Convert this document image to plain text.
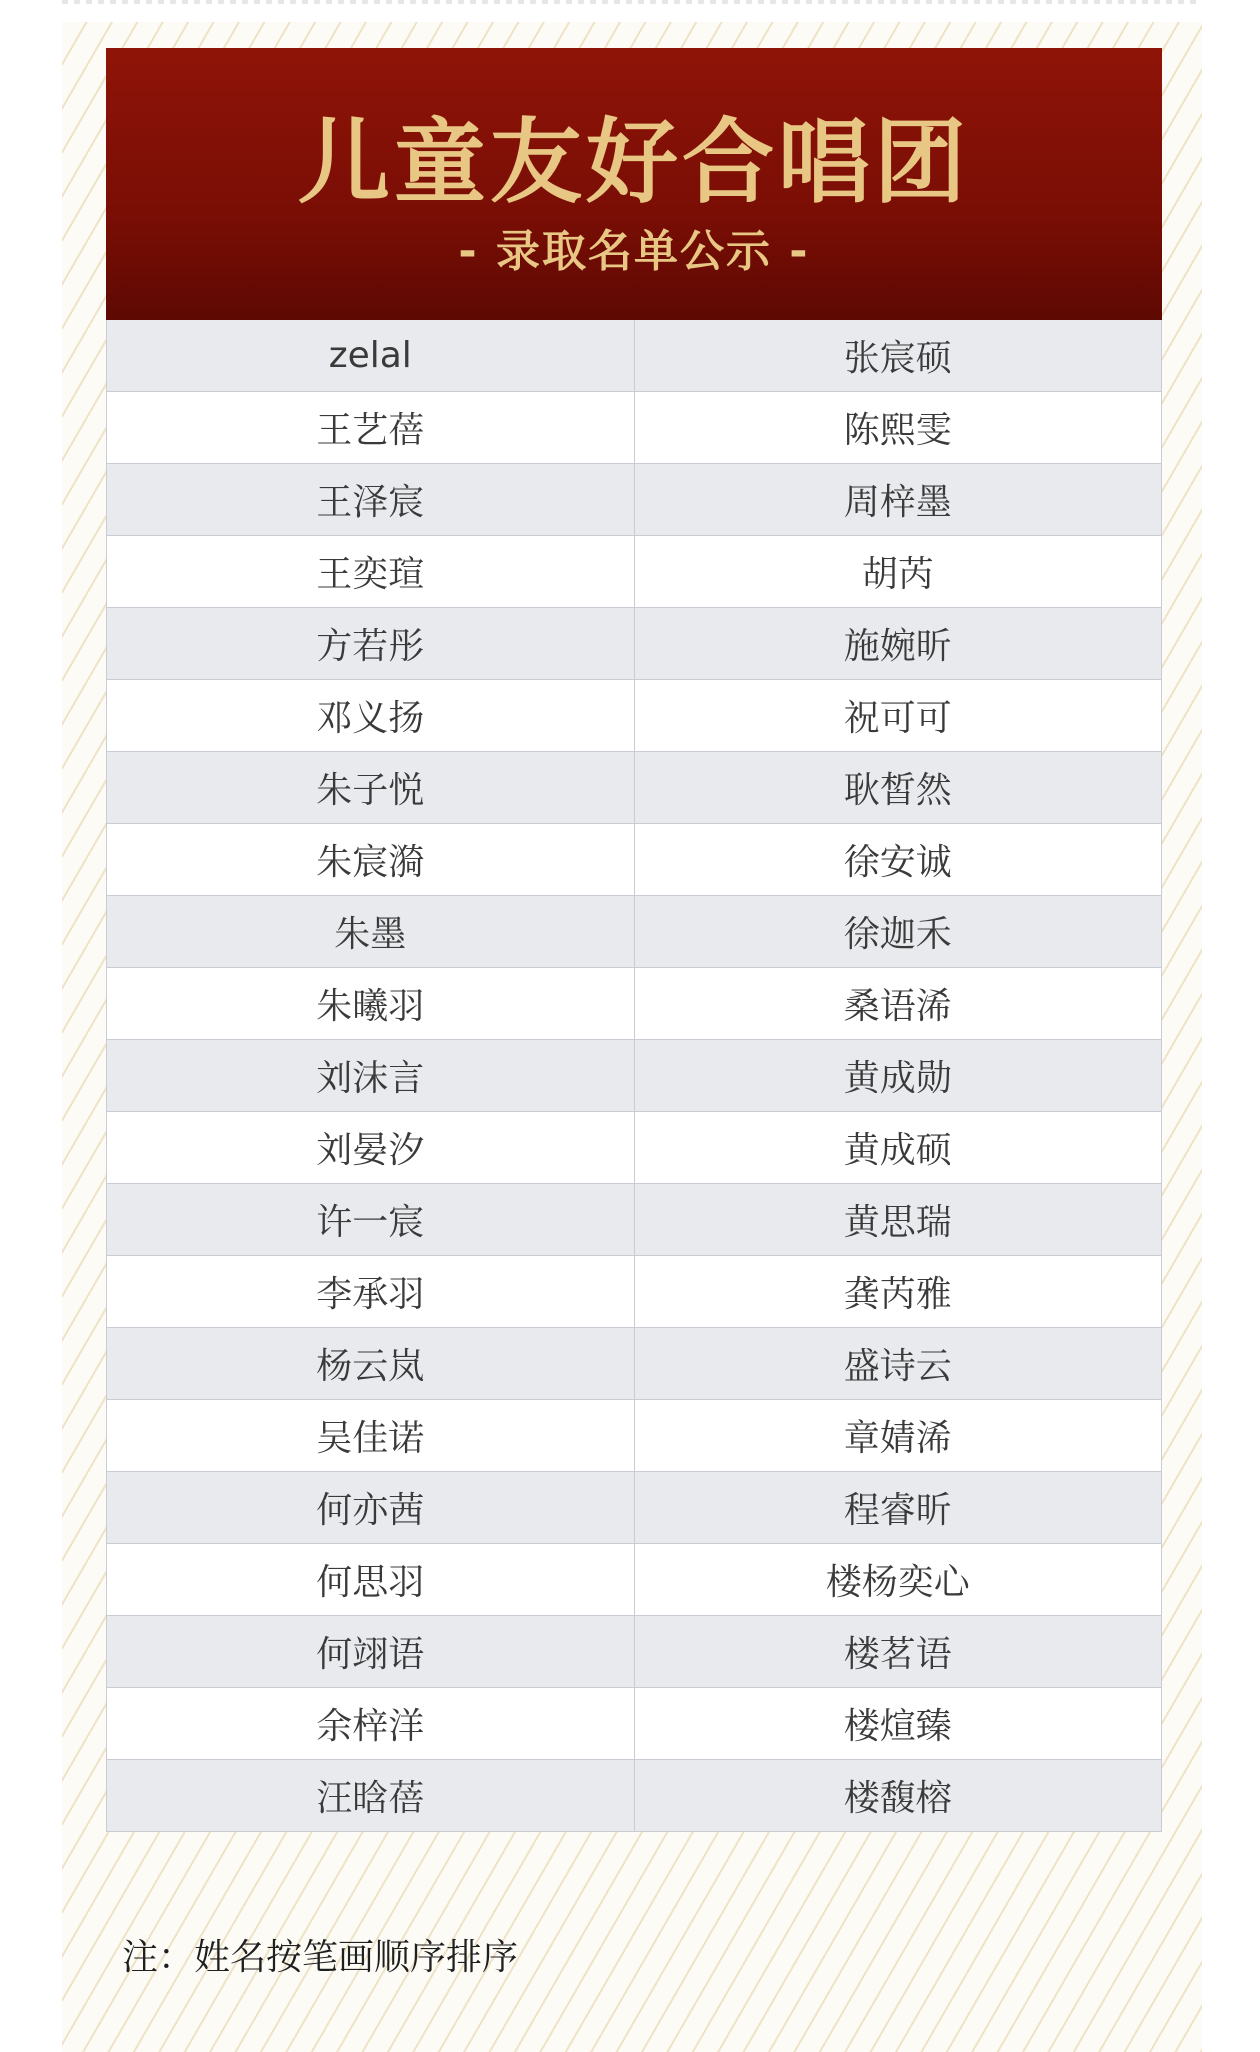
儿童友好合唱团
- 录取名单公示 -
zelal	张宸硕
王艺蓓	陈熙雯
王泽宸	周梓墨
王奕瑄	胡芮
方若彤	施婉昕
邓义扬	祝可可
朱子悦	耿皙然
朱宸漪	徐安诚
朱墨	徐迦禾
朱曦羽	桑语浠
刘沫言	黄成勋
刘晏汐	黄成硕
许一宸	黄思瑞
李承羽	龚芮雅
杨云岚	盛诗云
吴佳诺	章婧浠
何亦茜	程睿昕
何思羽	楼杨奕心
何翊语	楼茗语
余梓洋	楼煊臻
汪晗蓓	楼馥榕
注：姓名按笔画顺序排序
